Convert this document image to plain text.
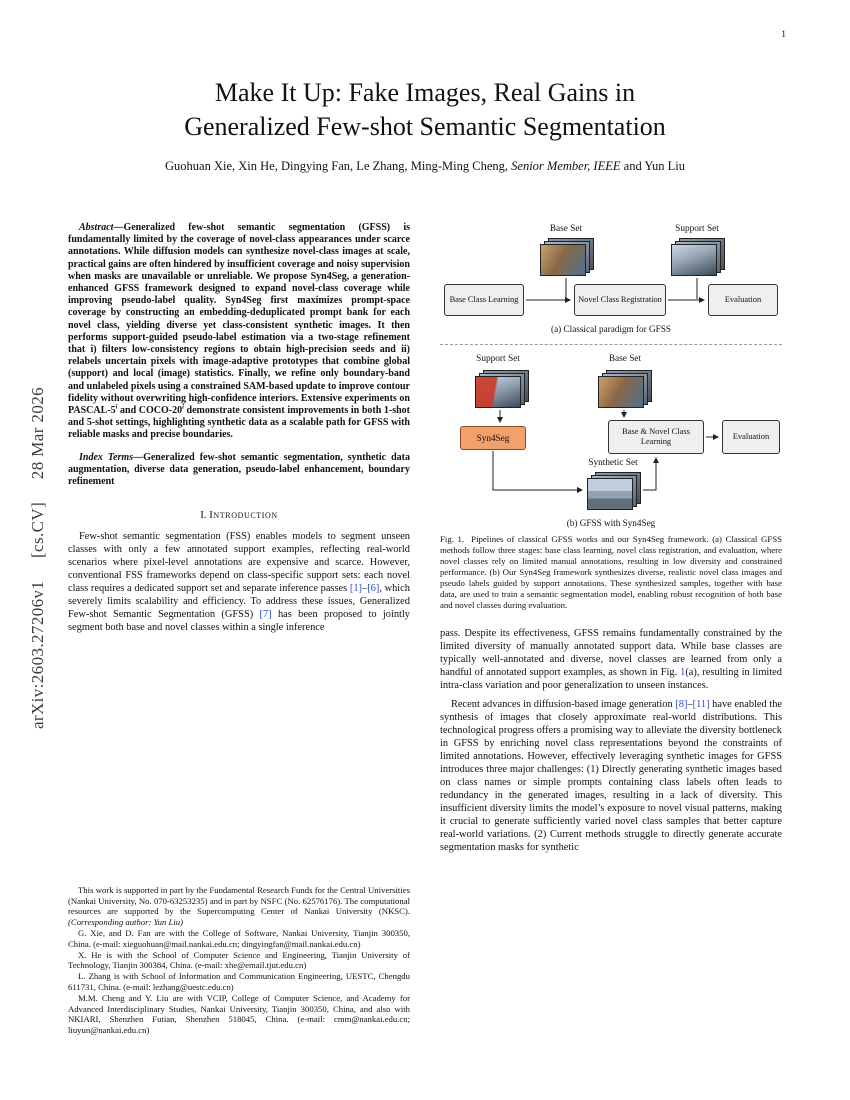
1
arXiv:2603.27206v1 [cs.CV] 28 Mar 2026
Make It Up: Fake Images, Real Gains in
Generalized Few-shot Semantic Segmentation
Guohuan Xie, Xin He, Dingying Fan, Le Zhang, Ming-Ming Cheng, Senior Member, IEEE and Yun Liu

Abstract—Generalized few-shot semantic segmentation (GFSS) is fundamentally limited by the coverage of novel-class appearances under scarce annotations. While diffusion models can synthesize novel-class images at scale, practical gains are often hindered by insufficient coverage and noisy supervision when masks are unavailable or unreliable. We propose Syn4Seg, a generation-enhanced GFSS framework designed to expand novel-class coverage while improving pseudo-label quality. Syn4Seg first maximizes prompt-space coverage by constructing an embedding-deduplicated prompt bank for each novel class, yielding diverse yet class-consistent synthetic images. It then performs support-guided pseudo-label estimation via a two-stage refinement that i) filters low-consistency regions to obtain high-precision seeds and ii) relabels uncertain pixels with image-adaptive prototypes that combine global (support) and local (image) statistics. Finally, we refine only boundary-band and unlabeled pixels using a constrained SAM-based update to improve contour fidelity without overwriting high-confidence interiors. Extensive experiments on PASCAL-5$^i$ and COCO-20$^i$ demonstrate consistent improvements in both 1-shot and 5-shot settings, highlighting synthetic data as a scalable path for GFSS with reliable masks and precise boundaries.

Index Terms—Generalized few-shot semantic segmentation, synthetic data augmentation, diverse data generation, pseudo-label enhancement, boundary refinement

I. Introduction

Few-shot semantic segmentation (FSS) enables models to segment unseen classes with only a few annotated support examples, reflecting real-world scenarios where pixel-level annotations are expensive and scarce. However, conventional FSS frameworks depend on class-specific support sets: each novel class requires a dedicated support set and separate inference passes [1]–[6], which severely limits scalability and efficiency. To address these issues, Generalized Few-shot Semantic Segmentation (GFSS) [7] has been proposed to jointly segment both base and novel classes within a single inference

This work is supported in part by the Fundamental Research Funds for the Central Universities (Nankai University, No. 070-63253235) and in part by NSFC (No. 62576176). The computational resources are supported by the Supercomputing Center of Nankai University (NKSC). (Corresponding author: Yun Liu)

G. Xie, and D. Fan are with the College of Software, Nankai University, Tianjin 300350, China. (e-mail: xieguohuan@mail.nankai.edu.cn; dingyingfan@mail.nankai.edu.cn)

X. He is with the School of Computer Science and Engineering, Tianjin University of Technology, Tianjin 300384, China. (e-mail: xhe@email.tjut.edu.cn)

L. Zhang is with School of Information and Communication Engineering, UESTC, Chengdu 611731, China. (e-mail: lezhang@uestc.edu.cn)

M.M. Cheng and Y. Liu are with VCIP, College of Computer Science, and Academy for Advanced Interdisciplinary Studies, Nankai University, Tianjin 300350, China, and also with NKIARI, Shenzhen Futian, Shenzhen 518045, China. (e-mail: cmm@nankai.edu.cn; liuyun@nankai.edu.cn)

Base Set	Support Set
Base Class Learning	Novel Class Registration	Evaluation
(a) Classical paradigm for GFSS
Support Set	Base Set
Syn4Seg
Base & Novel Class Learning
Evaluation
Synthetic Set
(b) GFSS with Syn4Seg
Fig. 1. Pipelines of classical GFSS works and our Syn4Seg framework. (a) Classical GFSS methods follow three stages: base class learning, novel class registration, and evaluation, where novel classes rely on limited manual annotations, resulting in low diversity and constrained performance. (b) Our Syn4Seg framework synthesizes diverse, realistic novel class images and pseudo labels guided by support annotations. These synthesized samples, together with base data, are used to train a semantic segmentation model, enabling robust recognition of both base and novel classes during evaluation.

pass. Despite its effectiveness, GFSS remains fundamentally constrained by the limited diversity of manually annotated support data. While base classes are typically well-annotated and diverse, novel classes are learned from only a handful of annotated support examples, as shown in Fig. 1(a), resulting in limited intra-class variation and poor generalization to unseen instances.

Recent advances in diffusion-based image generation [8]–[11] have enabled the synthesis of images that closely approximate real-world distributions. This technological progress offers a promising way to alleviate the diversity bottleneck in GFSS by enriching novel class representations beyond the constraints of limited annotations. However, effectively leveraging synthetic images for GFSS introduces three major challenges: (1) Directly generating synthetic images based on class names or simple prompts containing class labels often leads to redundancy in the generated images, resulting in a lack of diversity. This insufficient diversity limits the model’s exposure to novel visual patterns, making it crucial to generate sufficiently varied novel class samples that better capture real-world variations. (2) Current methods struggle to directly generate accurate segmentation masks for synthetic
